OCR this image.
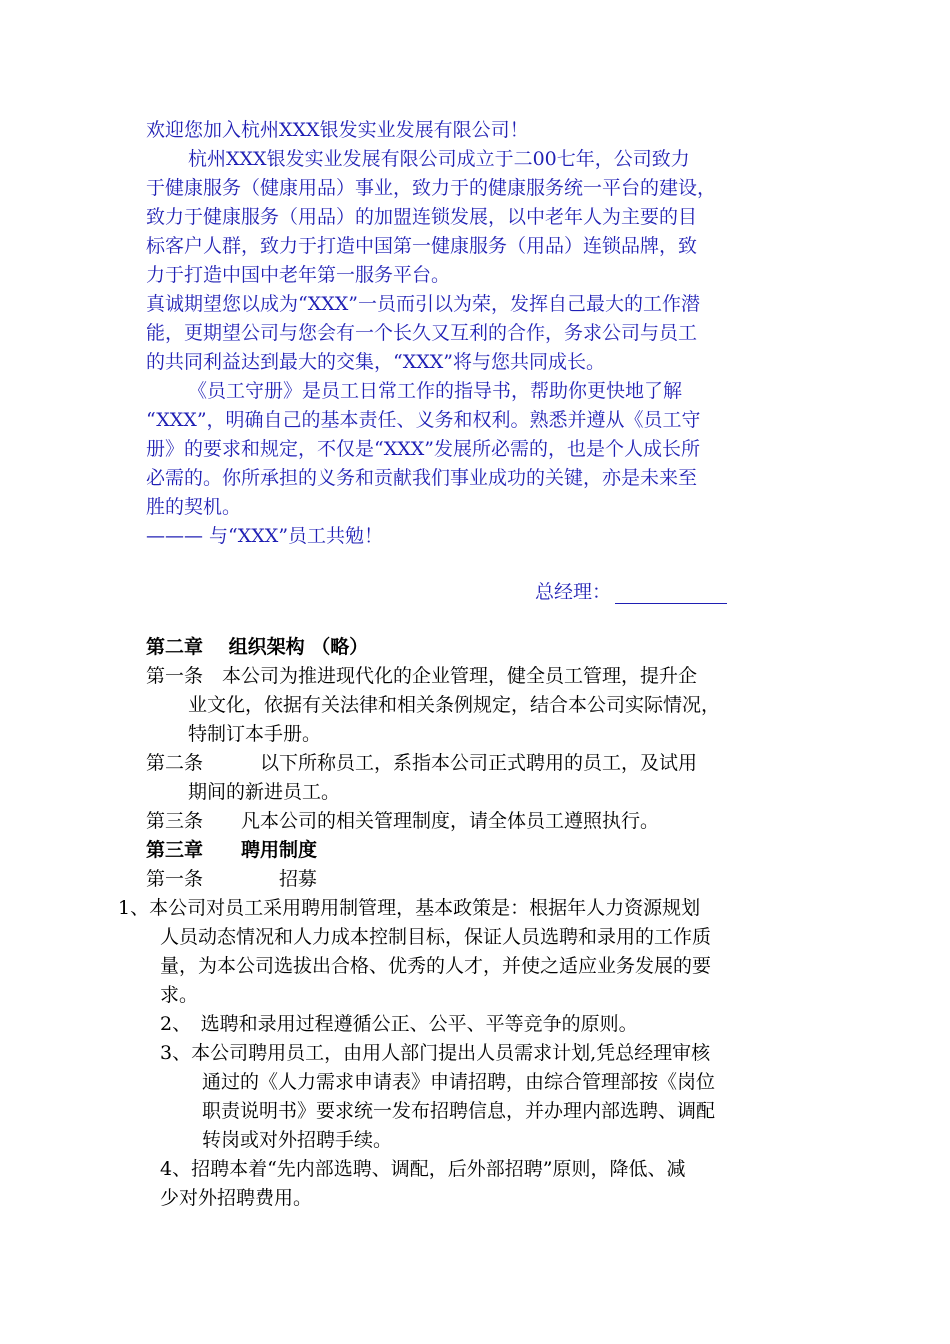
欢迎您加入杭州XXX银发实业发展有限公司！
杭州XXX银发实业发展有限公司成立于二00七年，公司致力
于健康服务（健康用品）事业，致力于的健康服务统一平台的建设，
致力于健康服务（用品）的加盟连锁发展，以中老年人为主要的目
标客户人群，致力于打造中国第一健康服务（用品）连锁品牌，致
力于打造中国中老年第一服务平台。
真诚期望您以成为“XXX”一员而引以为荣，发挥自己最大的工作潜
能，更期望公司与您会有一个长久又互利的合作，务求公司与员工
的共同利益达到最大的交集，“XXX”将与您共同成长。
《员工守册》是员工日常工作的指导书，帮助你更快地了解
“XXX”，明确自己的基本责任、义务和权利。熟悉并遵从《员工守
册》的要求和规定，不仅是“XXX”发展所必需的，也是个人成长所
必需的。你所承担的义务和贡献我们事业成功的关键，亦是未来至
胜的契机。
——— 与“XXX”员工共勉！
总经理：
第二章　 组织架构 （略）
第一条　本公司为推进现代化的企业管理，健全员工管理，提升企
业文化，依据有关法律和相关条例规定，结合本公司实际情况，
特制订本手册。
第二条　　　以下所称员工，系指本公司正式聘用的员工，及试用
期间的新进员工。
第三条　　凡本公司的相关管理制度，请全体员工遵照执行。
第三章　　聘用制度
第一条　　　　招募
1、本公司对员工采用聘用制管理，基本政策是：根据年人力资源规划
人员动态情况和人力成本控制目标，保证人员选聘和录用的工作质
量，为本公司选拔出合格、优秀的人才，并使之适应业务发展的要
求。
2、　选聘和录用过程遵循公正、公平、平等竞争的原则。
3、本公司聘用员工，由用人部门提出人员需求计划,凭总经理审核
通过的《人力需求申请表》申请招聘，由综合管理部按《岗位
职责说明书》要求统一发布招聘信息，并办理内部选聘、调配
转岗或对外招聘手续。
4、招聘本着“先内部选聘、调配，后外部招聘”原则，降低、减
少对外招聘费用。
